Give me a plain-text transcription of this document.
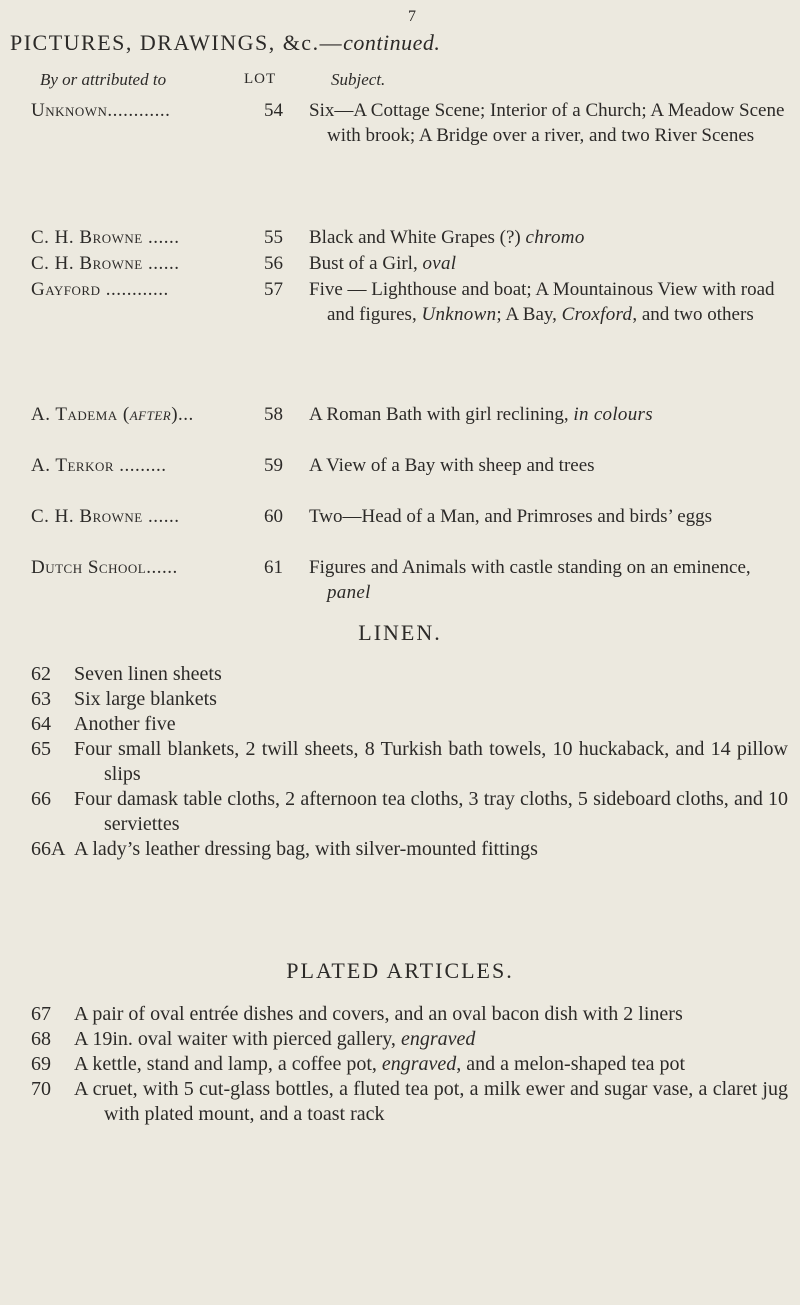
7
PICTURES, DRAWINGS, &c.—continued.
By or attributed to	LOT	Subject.
Unknown............	54 Six—A Cottage Scene; Interior of a Church; A Meadow Scene with brook; A Bridge over a river, and two River Scenes
C. H. Browne ......	55 Black and White Grapes (?) chromo
C. H. Browne ......	56 Bust of a Girl, oval
Gayford ............	57 Five — Lighthouse and boat; A Mountainous View with road and figures, Unknown; A Bay, Croxford, and two others
A. Tadema (after)...	58 A Roman Bath with girl reclining, in colours
A. Terkor .........	59 A View of a Bay with sheep and trees
C. H. Browne ......	60 Two—Head of a Man, and Primroses and birds’ eggs
Dutch School......	61 Figures and Animals with castle standing on an eminence, panel
LINEN.
62 Seven linen sheets
63 Six large blankets
64 Another five
65 Four small blankets, 2 twill sheets, 8 Turkish bath towels, 10 huckaback, and 14 pillow slips
66 Four damask table cloths, 2 afternoon tea cloths, 3 tray cloths, 5 sideboard cloths, and 10 serviettes
66A A lady’s leather dressing bag, with silver-mounted fittings
PLATED ARTICLES.
67 A pair of oval entrée dishes and covers, and an oval bacon dish with 2 liners
68 A 19in. oval waiter with pierced gallery, engraved
69 A kettle, stand and lamp, a coffee pot, engraved, and a melon-shaped tea pot
70 A cruet, with 5 cut-glass bottles, a fluted tea pot, a milk ewer and sugar vase, a claret jug with plated mount, and a toast rack
